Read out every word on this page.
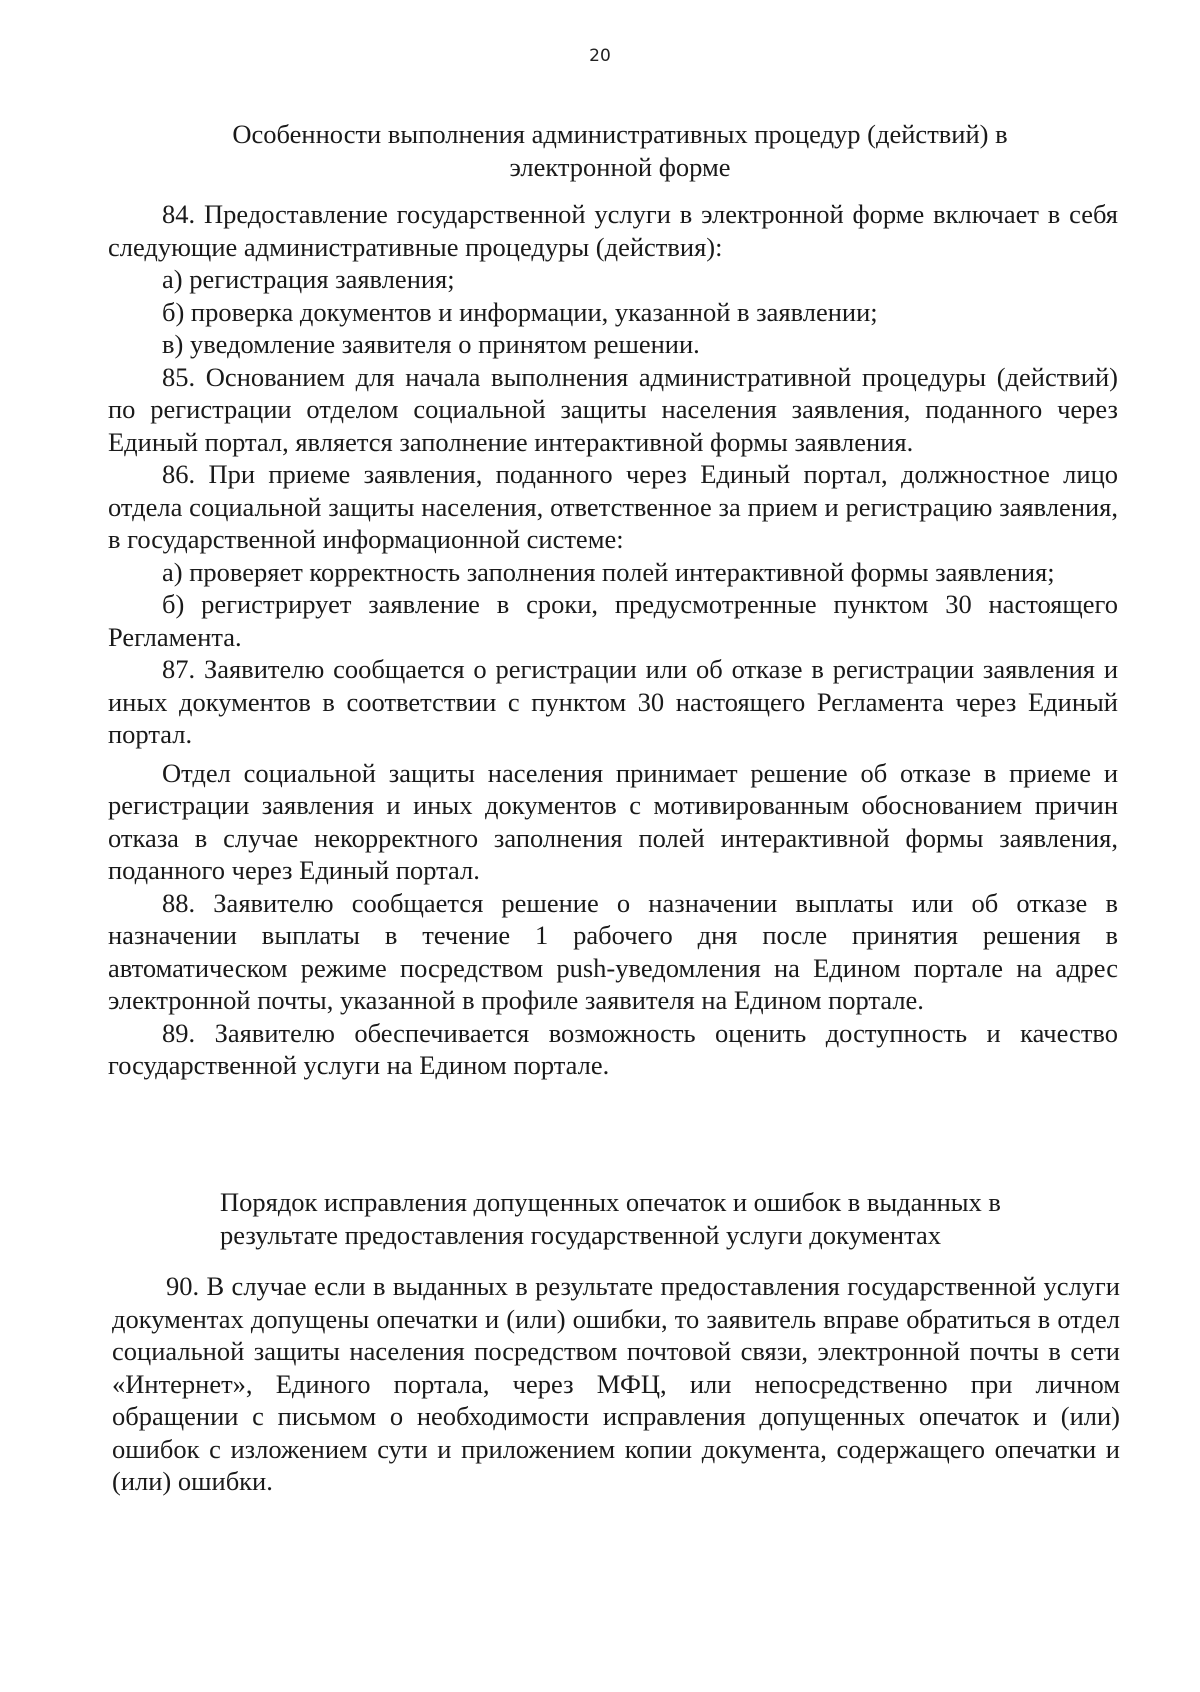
20
Особенности выполнения административных процедур (действий) в
электронной форме

84. Предоставление государственной услуги в электронной форме включает в себя следующие административные процедуры (действия):

а) регистрация заявления;

б) проверка документов и информации, указанной в заявлении;

в) уведомление заявителя о принятом решении.

85. Основанием для начала выполнения административной процедуры (действий) по регистрации отделом социальной защиты населения заявления, поданного через Единый портал, является заполнение интерактивной формы заявления.

86. При приеме заявления, поданного через Единый портал, должностное лицо отдела социальной защиты населения, ответственное за прием и регистрацию заявления, в государственной информационной системе:

а) проверяет корректность заполнения полей интерактивной формы заявления;

б) регистрирует заявление в сроки, предусмотренные пунктом 30 настоящего Регламента.

87. Заявителю сообщается о регистрации или об отказе в регистрации заявления и иных документов в соответствии с пунктом 30 настоящего Регламента через Единый портал.

Отдел социальной защиты населения принимает решение об отказе в приеме и регистрации заявления и иных документов с мотивированным обоснованием причин отказа в случае некорректного заполнения полей интерактивной формы заявления, поданного через Единый портал.

88. Заявителю сообщается решение о назначении выплаты или об отказе в назначении выплаты в течение 1 рабочего дня после принятия решения в автоматическом режиме посредством push-уведомления на Едином портале на адрес электронной почты, указанной в профиле заявителя на Едином портале.

89. Заявителю обеспечивается возможность оценить доступность и качество государственной услуги на Едином портале.

Порядок исправления допущенных опечаток и ошибок в выданных в
результате предоставления государственной услуги документах

90. В случае если в выданных в результате предоставления государственной услуги документах допущены опечатки и (или) ошибки, то заявитель вправе обратиться в отдел социальной защиты населения посредством почтовой связи, электронной почты в сети «Интернет», Единого портала, через МФЦ, или непосредственно при личном обращении с письмом о необходимости исправления допущенных опечаток и (или) ошибок с изложением сути и приложением копии документа, содержащего опечатки и (или) ошибки.
